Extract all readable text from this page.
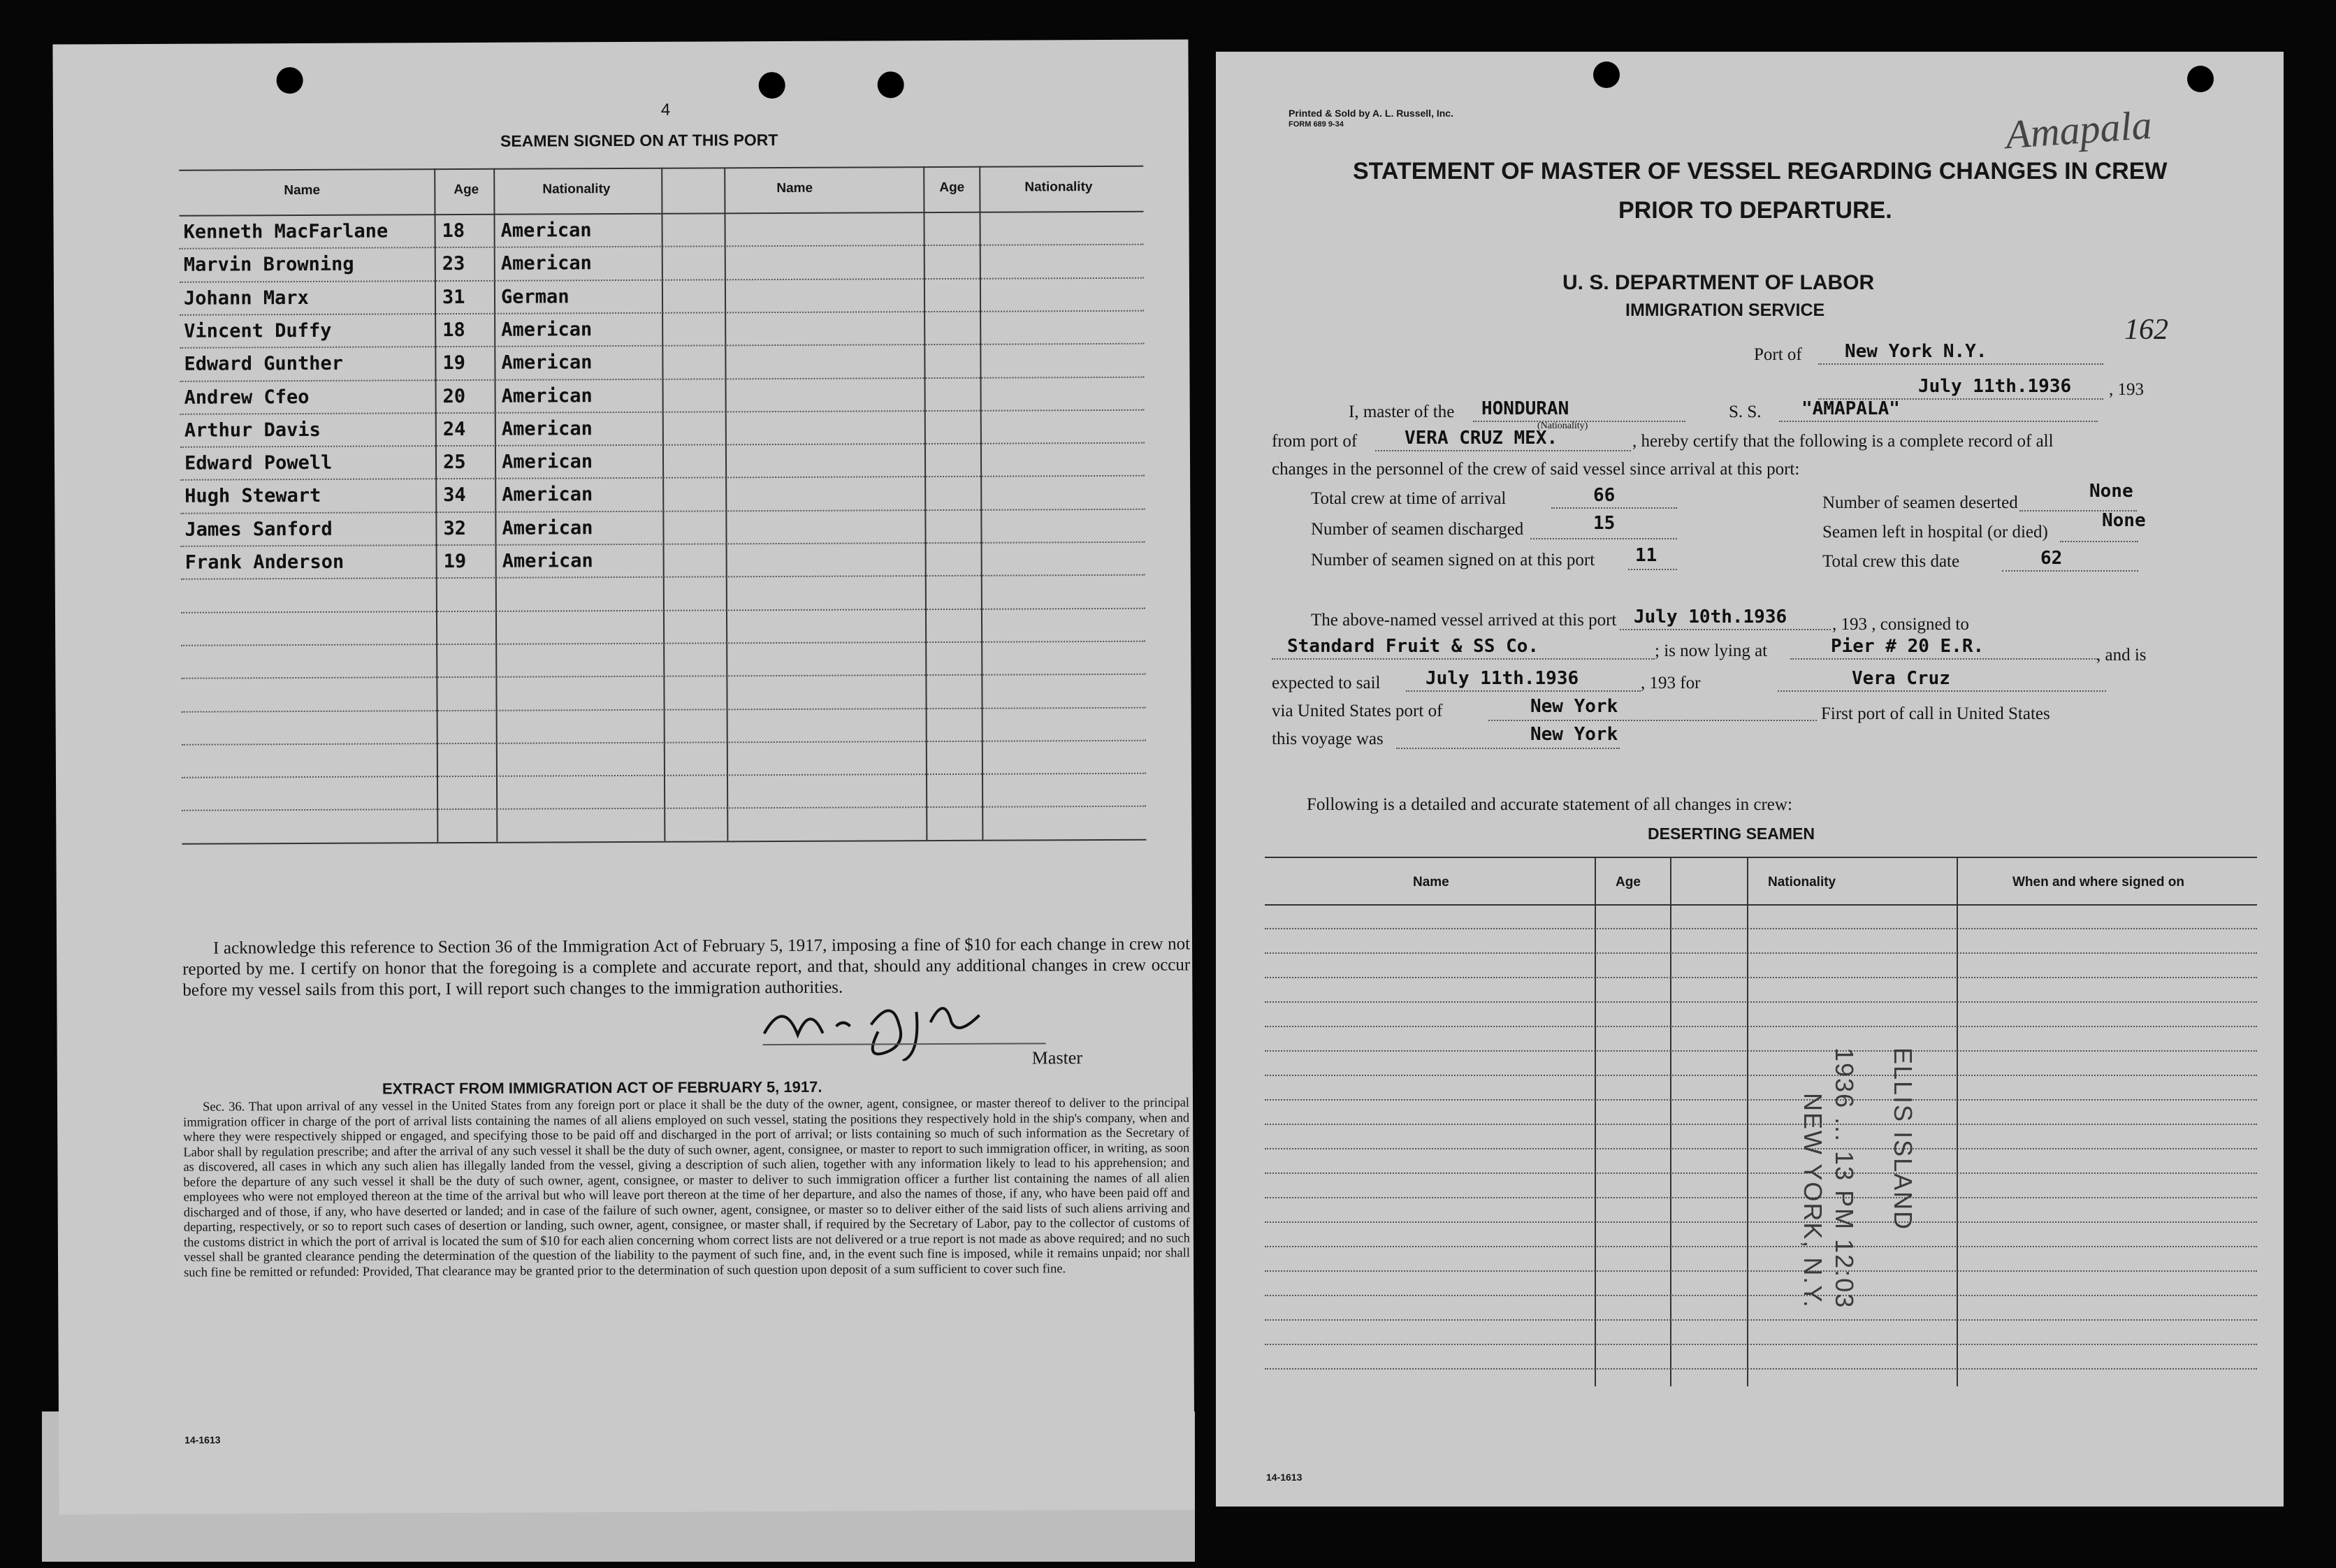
4
SEAMEN SIGNED ON AT THIS PORT
Name	Age	Nationality	Name	Age	Nationality
Kenneth MacFarlane	18 American
Marvin Browning	23 American
Johann Marx	31 German
Vincent Duffy	18 American
Edward Gunther	19 American
Andrew Cfeo	20 American
Arthur Davis	24 American
Edward Powell	25 American
Hugh Stewart	34 American
James Sanford	32 American
Frank Anderson	19 American
I acknowledge this reference to Section 36 of the Immigration Act of February 5, 1917, imposing a fine of $10 for each change in crew not reported by me. I certify on honor that the foregoing is a complete and accurate report, and that, should any additional changes in crew occur before my vessel sails from this port, I will report such changes to the immigration authorities.
Master
EXTRACT FROM IMMIGRATION ACT OF FEBRUARY 5, 1917.
Sec. 36. That upon arrival of any vessel in the United States from any foreign port or place it shall be the duty of the owner, agent, consignee, or master thereof to deliver to the principal immigration officer in charge of the port of arrival lists containing the names of all aliens employed on such vessel, stating the positions they respectively hold in the ship's company, when and where they were respectively shipped or engaged, and specifying those to be paid off and discharged in the port of arrival; or lists containing so much of such information as the Secretary of Labor shall by regulation prescribe; and after the arrival of any such vessel it shall be the duty of such owner, agent, consignee, or master to report to such immigration officer, in writing, as soon as discovered, all cases in which any such alien has illegally landed from the vessel, giving a description of such alien, together with any information likely to lead to his apprehension; and before the departure of any such vessel it shall be the duty of such owner, agent, consignee, or master to deliver to such immigration officer a further list containing the names of all alien employees who were not employed thereon at the time of the arrival but who will leave port thereon at the time of her departure, and also the names of those, if any, who have been paid off and discharged and of those, if any, who have deserted or landed; and in case of the failure of such owner, agent, consignee, or master so to deliver either of the said lists of such aliens arriving and departing, respectively, or so to report such cases of desertion or landing, such owner, agent, consignee, or master shall, if required by the Secretary of Labor, pay to the collector of customs of the customs district in which the port of arrival is located the sum of $10 for each alien concerning whom correct lists are not delivered or a true report is not made as above required; and no such vessel shall be granted clearance pending the determination of the question of the liability to the payment of such fine, and, in the event such fine is imposed, while it remains unpaid; nor shall such fine be remitted or refunded: Provided, That clearance may be granted prior to the determination of such question upon deposit of a sum sufficient to cover such fine.
14-1613
Printed & Sold by A. L. Russell, Inc.
FORM 689 9-34	Amapala
STATEMENT OF MASTER OF VESSEL REGARDING CHANGES IN CREW
PRIOR TO DEPARTURE.
U. S. DEPARTMENT OF LABOR
IMMIGRATION SERVICE
162
Port of New York N.Y.
July 11th.1936 , 193
I, master of the HONDURAN
(Nationality)
S. S. "AMAPALA"
from port of	VERA CRUZ MEX.	, hereby certify that the following is a complete record of all
changes in the personnel of the crew of said vessel since arrival at this port:
Total crew at time of arrival	66	Number of seamen deserted
None
Number of seamen discharged	15	Seamen left in hospital (or died)
None
Number of seamen signed on at this port 11	Total crew this date	62
The above-named vessel arrived at this port July 10th.1936	, 193 , consigned to
Standard Fruit & SS Co.	; is now lying at	Pier # 20 E.R.	, and is
expected to sail July 11th.1936	, 193 for	Vera Cruz
via United States port of	New York	First port of call in United States
this voyage was	New York
Following is a detailed and accurate statement of all changes in crew:
DESERTING SEAMEN
Name	Age	Nationality	When and where signed on
ELLIS ISLAND
1936 ... 13 PM 12:03
NEW YORK, N.Y.
14-1613
